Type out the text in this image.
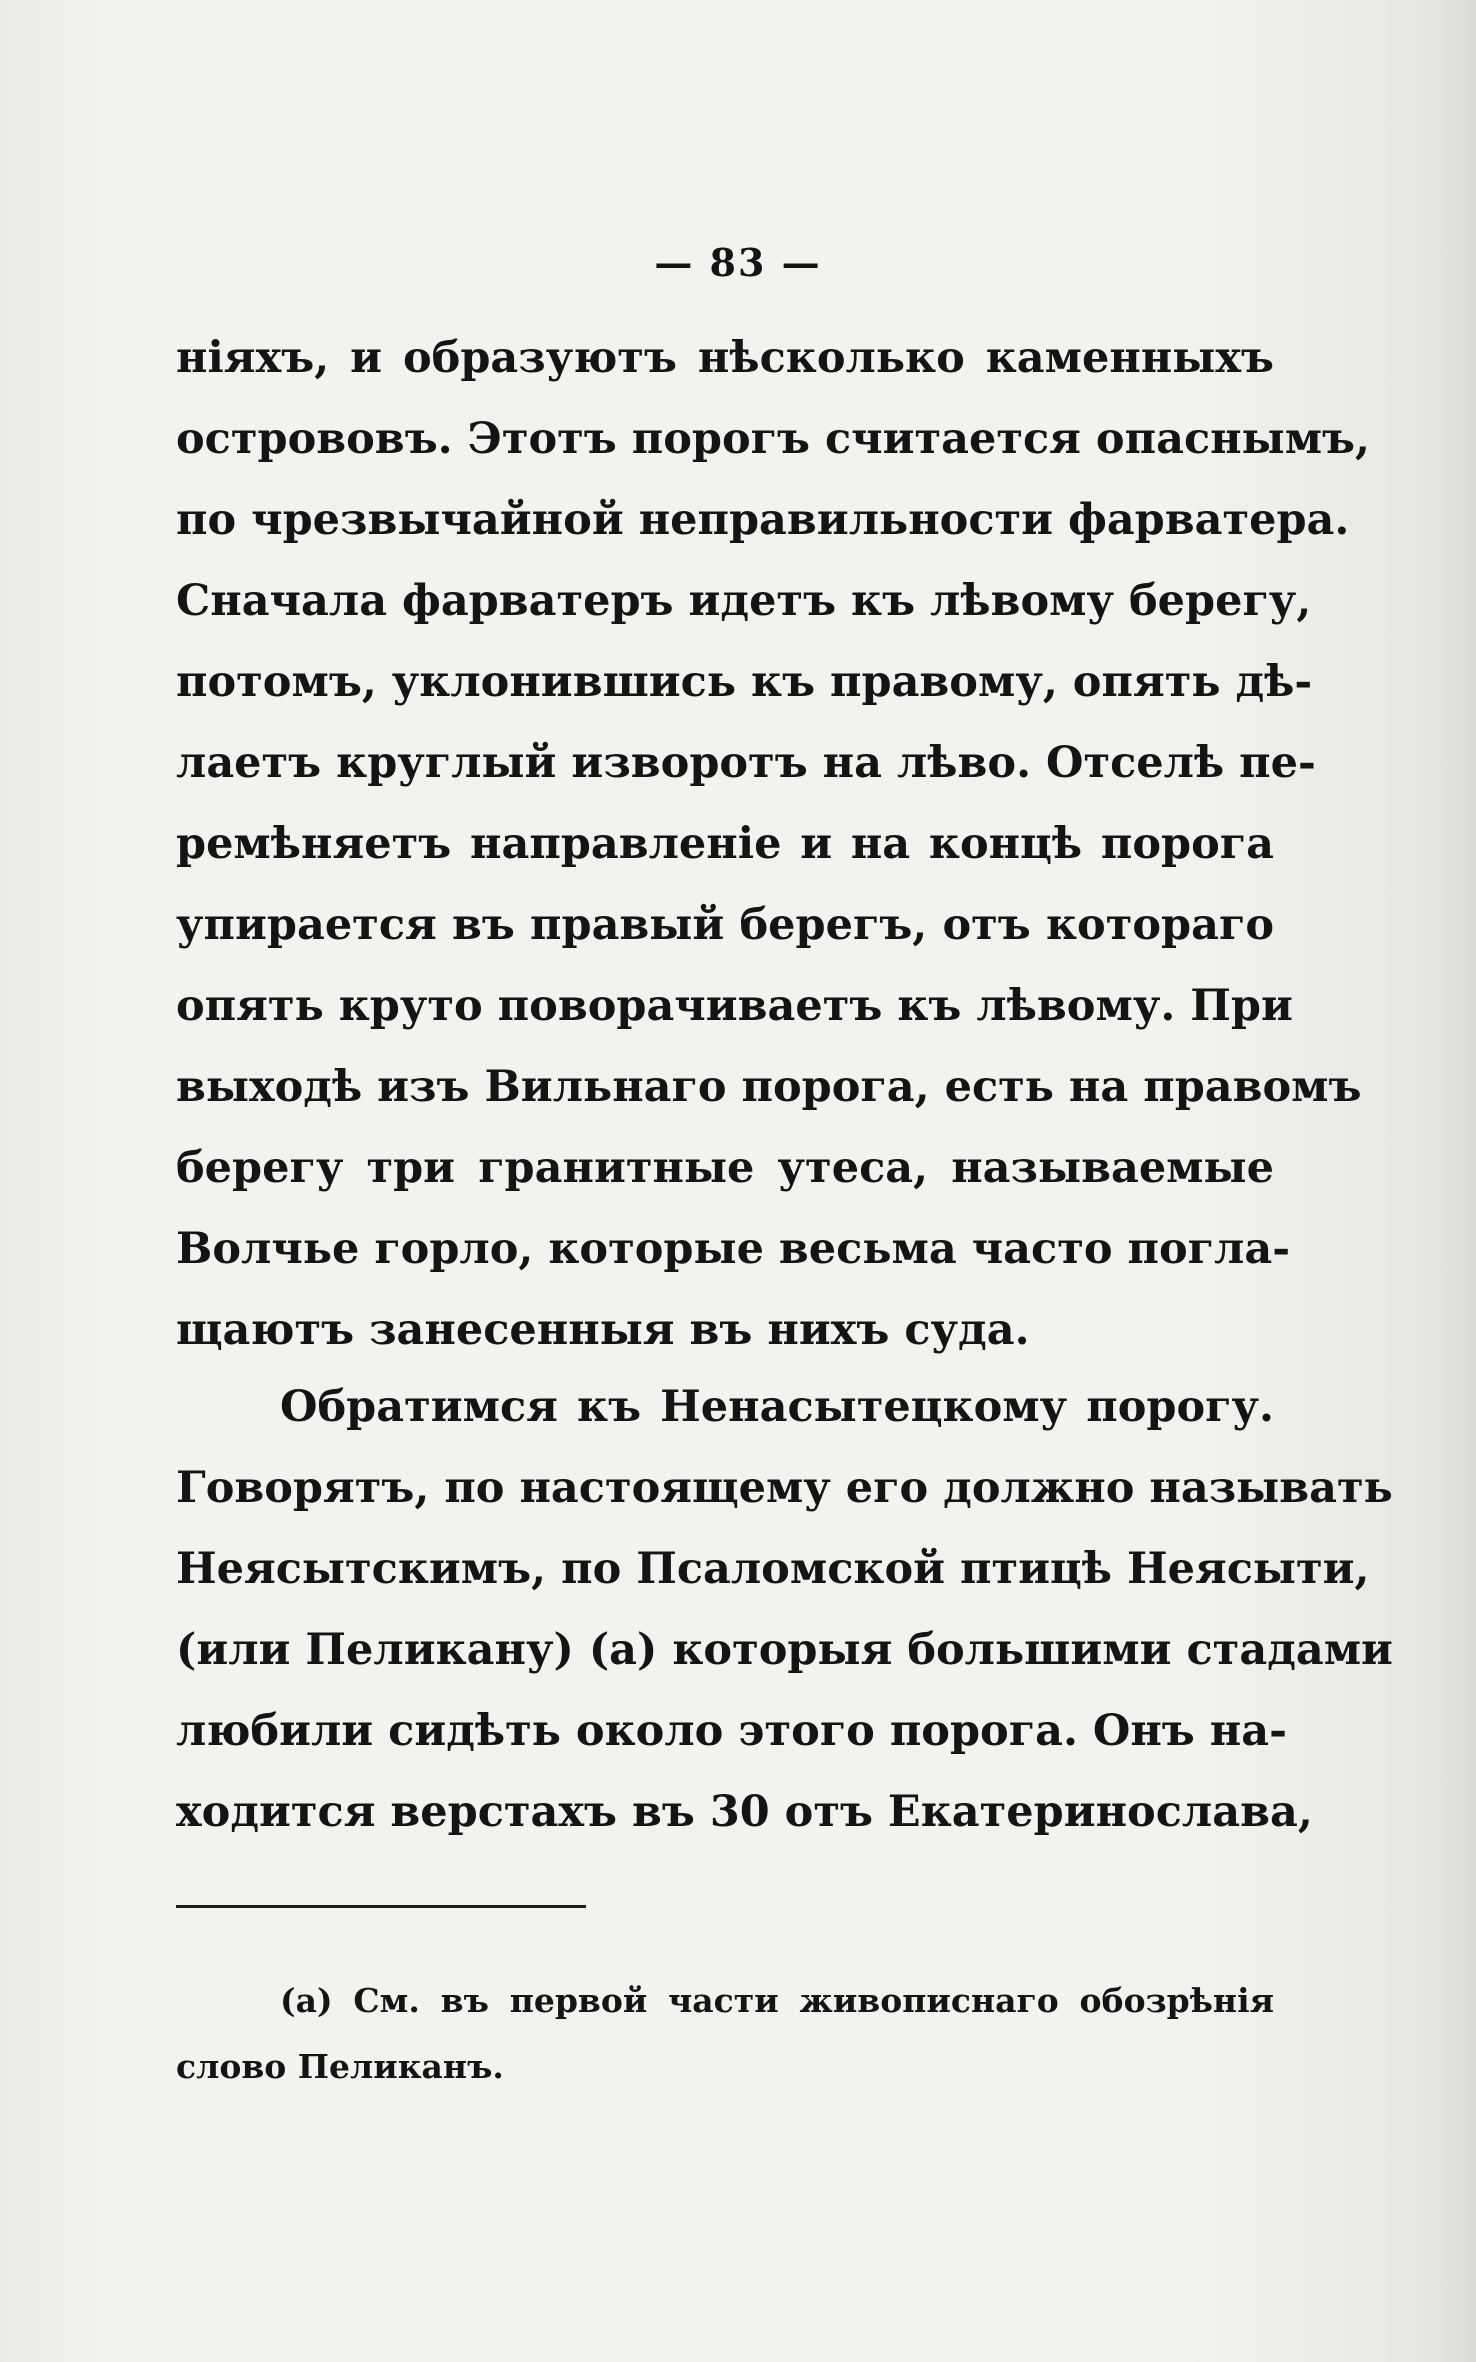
— 83 —
ніяхъ, и образуютъ нѣсколько каменныхъ
острововъ. Этотъ порогъ считается опаснымъ,
по чрезвычайной неправильности фарватера.
Сначала фарватеръ идетъ къ лѣвому берегу,
потомъ, уклонившись къ правому, опять дѣ-
лаетъ круглый изворотъ на лѣво. Отселѣ пе-
ремѣняетъ направленіе и на концѣ порога
упирается въ правый берегъ, отъ котораго
опять круто поворачиваетъ къ лѣвому. При
выходѣ изъ Вильнаго порога, есть на правомъ
берегу три гранитные утеса, называемые
Волчье горло, которые весьма часто погла-
щаютъ занесенныя въ нихъ суда.
Обратимся къ Ненасытецкому порогу.
Говорятъ, по настоящему его должно называть
Неясытскимъ, по Псаломской птицѣ Неясыти,
(или Пеликану) (а) которыя большими стадами
любили сидѣть около этого порога. Онъ на-
ходится верстахъ въ 30 отъ Екатеринослава,
(а) См. въ первой части живописнаго обозрѣнія
слово Пеликанъ.
